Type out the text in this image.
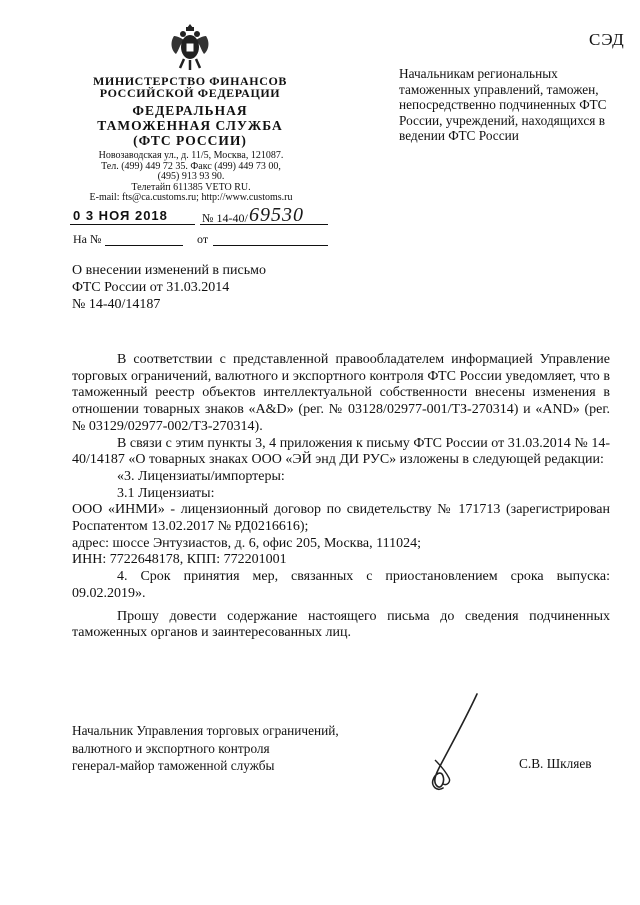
СЭД
МИНИСТЕРСТВО ФИНАНСОВ
РОССИЙСКОЙ ФЕДЕРАЦИИ
ФЕДЕРАЛЬНАЯ
ТАМОЖЕННАЯ СЛУЖБА
(ФТС РОССИИ)
Новозаводская ул., д. 11/5, Москва, 121087.
Тел. (499) 449 72 35. Факс (499) 449 73 00,
(495) 913 93 90.
Телетайп 611385 VETO RU.
E-mail: fts@ca.customs.ru; http://www.customs.ru
0 3 НОЯ 2018	№ 14-40/ 69530
На №	от
Начальникам региональных таможенных управлений, таможен, непосредственно подчиненных ФТС России, учреждений, находящихся в ведении ФТС России
О внесении изменений в письмо
ФТС России от 31.03.2014
№ 14-40/14187

В соответствии с представленной правообладателем информацией Управление торговых ограничений, валютного и экспортного контроля ФТС России уведомляет, что в таможенный реестр объектов интеллектуальной собственности внесены изменения в отношении товарных знаков «A&D» (рег. № 03128/02977-001/ТЗ-270314) и «AND» (рег. № 03129/02977-002/ТЗ-270314).

В связи с этим пункты 3, 4 приложения к письму ФТС России от 31.03.2014 № 14-40/14187 «О товарных знаках ООО «ЭЙ энд ДИ РУС» изложены в следующей редакции:

«3. Лицензиаты/импортеры:

3.1 Лицензиаты:

ООО «ИНМИ» - лицензионный договор по свидетельству № 171713 (зарегистрирован Роспатентом 13.02.2017 № РД0216616);

адрес: шоссе Энтузиастов, д. 6, офис 205, Москва, 111024;

ИНН: 7722648178, КПП: 772201001

4. Срок принятия мер, связанных с приостановлением срока выпуска: 09.02.2019».

Прошу довести содержание настоящего письма до сведения подчиненных таможенных органов и заинтересованных лиц.

Начальник Управления торговых ограничений,
валютного и экспортного контроля
генерал-майор таможенной службы	С.В. Шкляев
